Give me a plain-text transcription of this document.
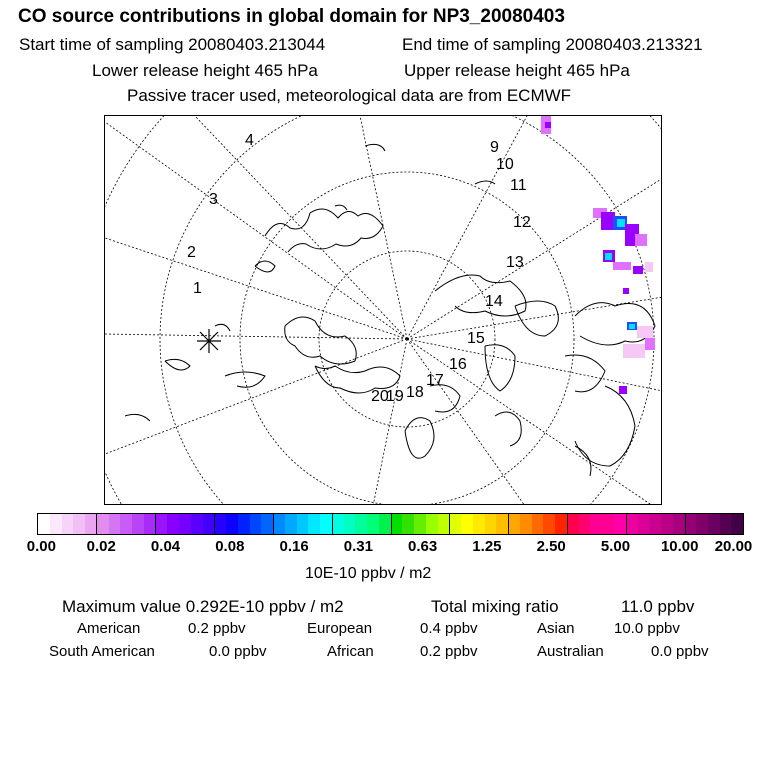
CO source contributions in global domain for NP3_20080403
Start time of sampling 20080403.213044	End time of sampling 20080403.213321
Lower release height 465 hPa	Upper release height 465 hPa
Passive tracer used, meteorological data are from ECMWF
1
2
3
4	9
10
11
12
13
14
15
16
17
18
19
20
0.00 0.02 0.04 0.08 0.16 0.31 0.63 1.25 2.50 5.00 10.00 20.00
10E-10 ppbv / m2
Maximum value 0.292E-10 ppbv / m2	Total mixing ratio	11.0 ppbv
American	0.2 ppbv	European	0.4 ppbv	Asian	10.0 ppbv
South American	0.0 ppbv	African	0.2 ppbv	Australian	0.0 ppbv
